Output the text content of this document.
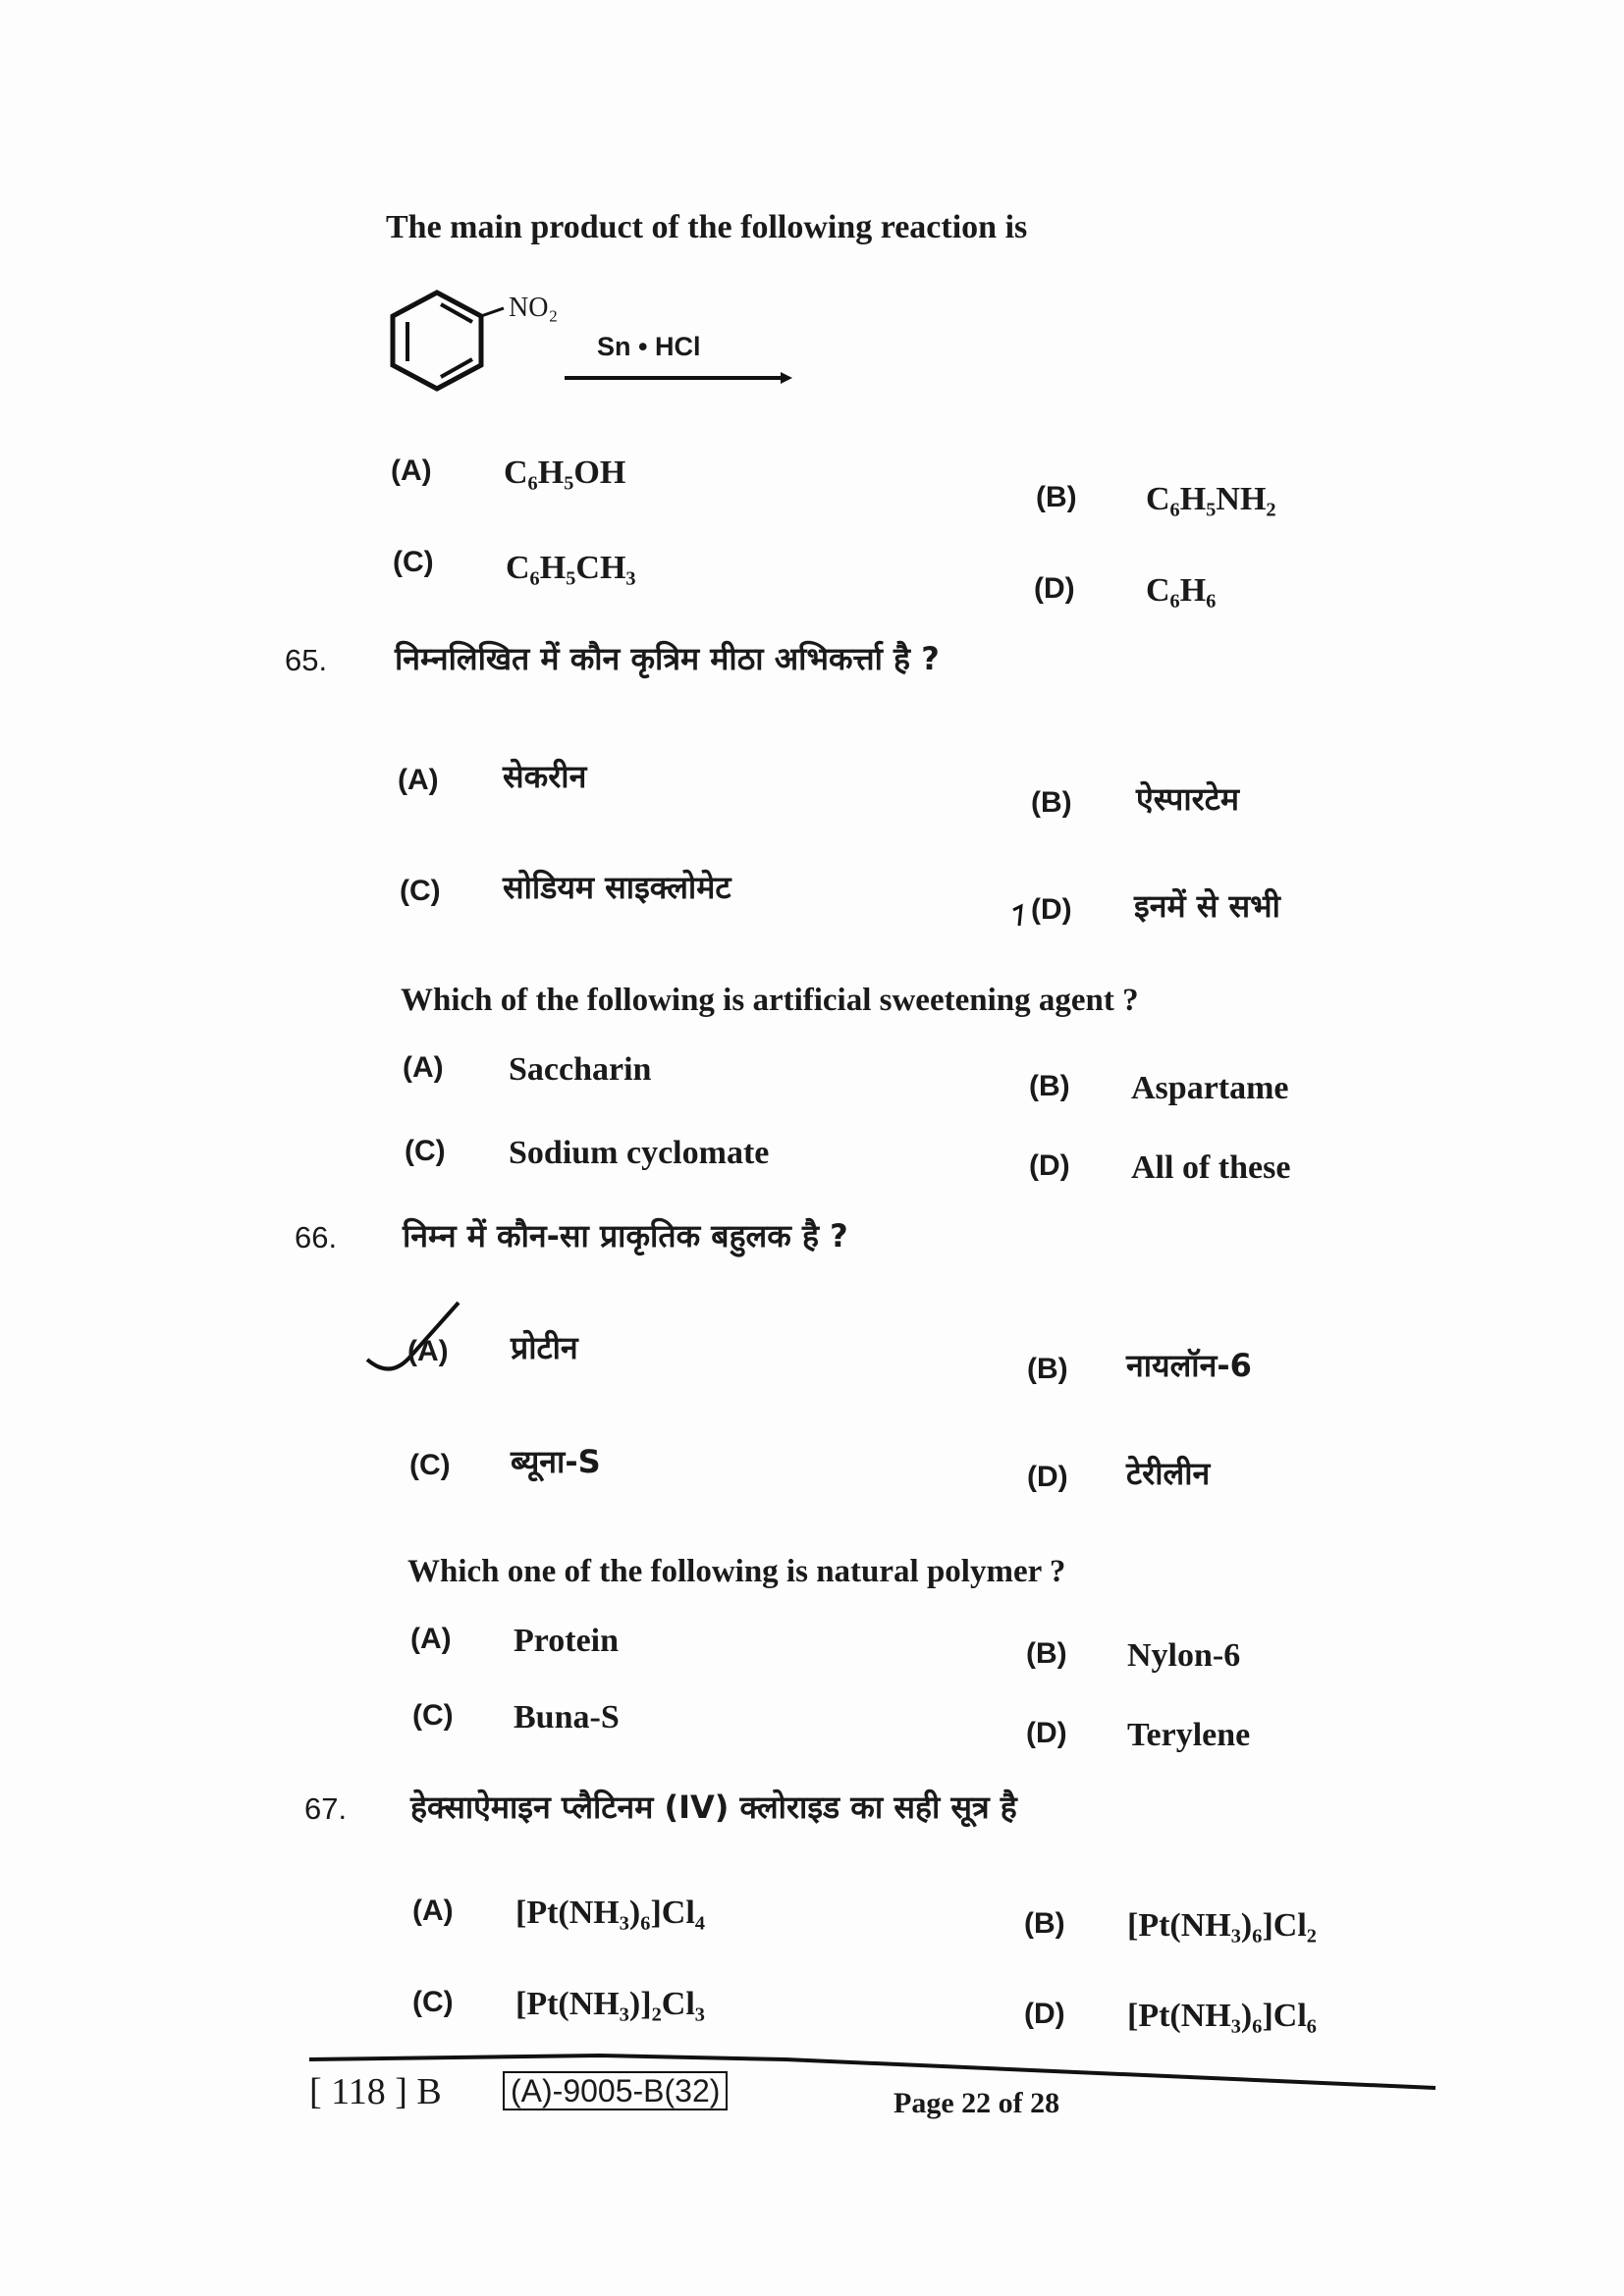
The main product of the following reaction is
NO₂
Sn • HCl
(A) C₆H₅OH
(B) C₆H₅NH₂
(C) C₆H₅CH₃
(D) C₆H₆
65. निम्नलिखित में कौन कृत्रिम मीठा अभिकर्त्ता है ?
(A) सेकरीन
(B) ऐस्पारटेम
(C) सोडियम साइक्लोमेट
(D) इनमें से सभी
Which of the following is artificial sweetening agent ?
(A) Saccharin	(B) Aspartame
(C) Sodium cyclomate	(D) All of these
66. निम्न में कौन-सा प्राकृतिक बहुलक है ?
(A) प्रोटीन
(B) नायलॉन-6
(C) ब्यूना-S	(D) टेरीलीन
Which one of the following is natural polymer ?
(A) Protein	(B) Nylon-6
(C) Buna-S	(D) Terylene
67. हेक्साऐमाइन प्लैटिनम (IV) क्लोराइड का सही सूत्र है
(A) [Pt(NH₃)₆]Cl₄	(B) [Pt(NH₃)₆]Cl₂
(C) [Pt(NH₃)]₂Cl₃	(D) [Pt(NH₃)₆]Cl₆
[ 118 ] B (A)-9005-B(32)	Page 22 of 28
